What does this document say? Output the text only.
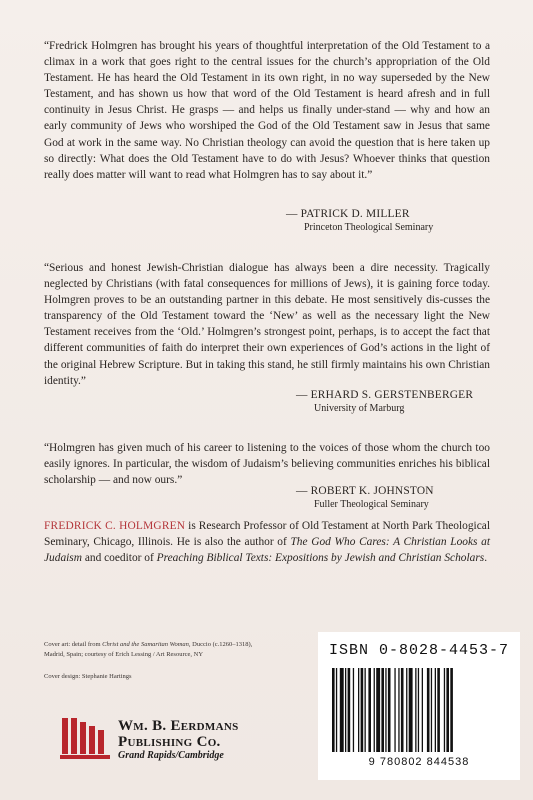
“Fredrick Holmgren has brought his years of thoughtful interpretation of the Old Testament to a climax in a work that goes right to the central issues for the church’s appropriation of the Old Testament. He has heard the Old Testament in its own right, in no way superseded by the New Testament, and has shown us how that word of the Old Testament is heard afresh and in full continuity in Jesus Christ. He grasps — and helps us finally under-stand — why and how an early community of Jews who worshiped the God of the Old Testament saw in Jesus that same God at work in the same way. No Christian theology can avoid the question that is here taken up so directly: What does the Old Testament have to do with Jesus? Whoever thinks that question really does matter will want to read what Holmgren has to say about it.”

— PATRICK D. MILLER
Princeton Theological Seminary

“Serious and honest Jewish-Christian dialogue has always been a dire necessity. Tragically neglected by Christians (with fatal consequences for millions of Jews), it is gaining force today. Holmgren proves to be an outstanding partner in this debate. He most sensitively dis-cusses the transparency of the Old Testament toward the ‘New’ as well as the necessary light the New Testament receives from the ‘Old.’ Holmgren’s strongest point, perhaps, is to accept the fact that different communities of faith do interpret their own experiences of God’s actions in the light of the original Hebrew Scripture. But in taking this stand, he still firmly maintains his own Christian identity.”

— ERHARD S. GERSTENBERGER
University of Marburg

“Holmgren has given much of his career to listening to the voices of those whom the church too easily ignores. In particular, the wisdom of Judaism’s believing communities enriches his biblical scholarship — and now ours.”

— ROBERT K. JOHNSTON
Fuller Theological Seminary

FREDRICK C. HOLMGREN is Research Professor of Old Testament at North Park Theological Seminary, Chicago, Illinois. He is also the author of The God Who Cares: A Christian Looks at Judaism and coeditor of Preaching Biblical Texts: Expositions by Jewish and Christian Scholars.

Cover art: detail from Christ and the Samaritan Woman, Duccio (c.1260–1318),
Madrid, Spain; courtesy of Erich Lessing / Art Resource, NY
Cover design: Stephanie Hartings
ISBN 0-8028-4453-7
9 780802 844538
Wm. B. Eerdmans
Publishing Co.
Grand Rapids/Cambridge
